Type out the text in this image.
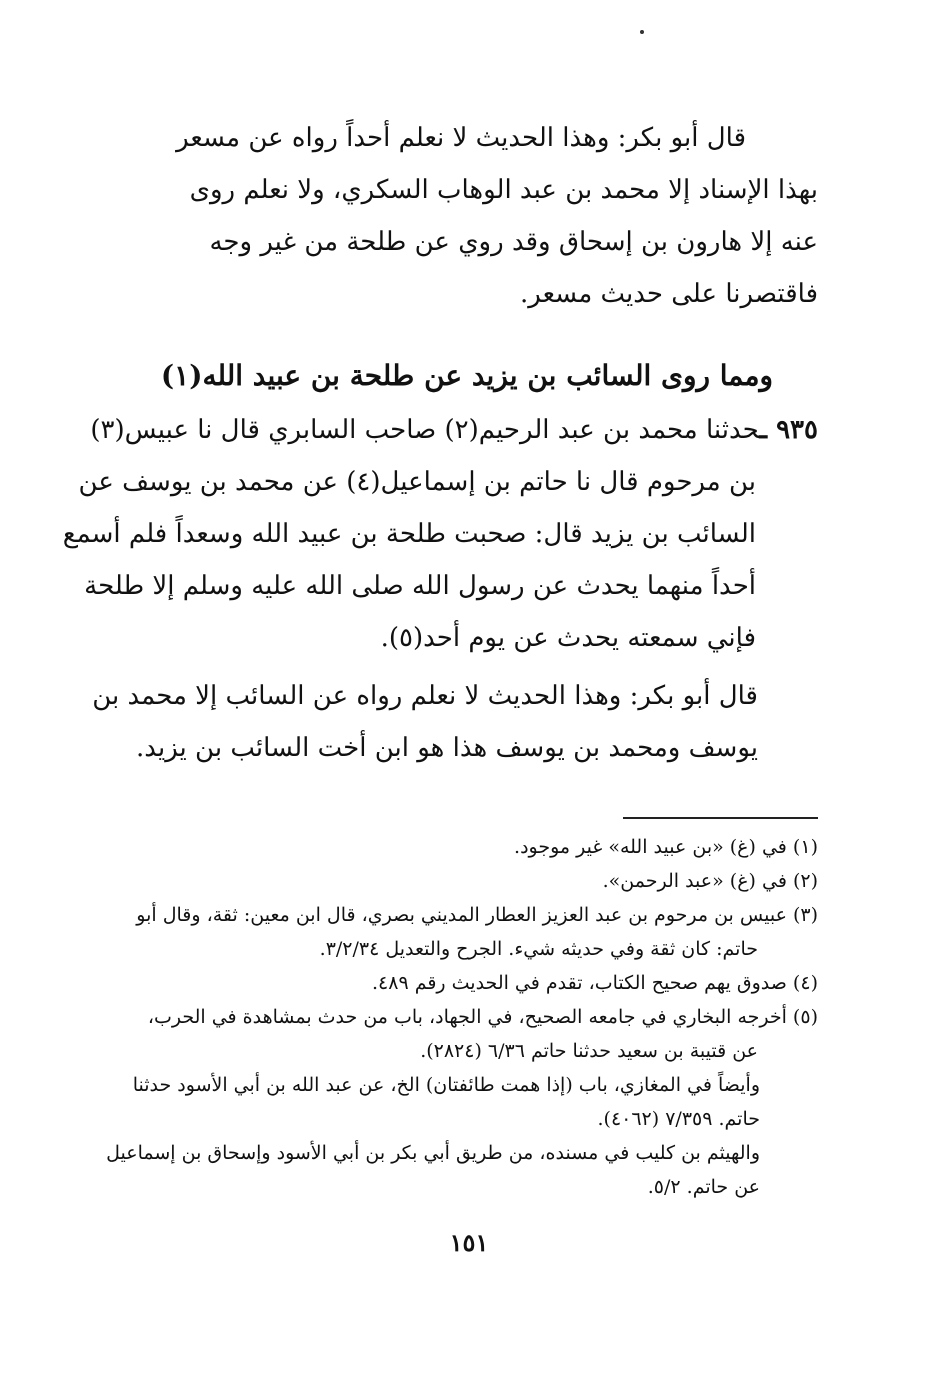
قال أبو بكر: وهذا الحديث لا نعلم أحداً رواه عن مسعر
بهذا الإسناد إلا محمد بن عبد الوهاب السكري، ولا نعلم روى
عنه إلا هارون بن إسحاق وقد روي عن طلحة من غير وجه
فاقتصرنا على حديث مسعر.
ومما روى السائب بن يزيد عن طلحة بن عبيد الله(١)
٩٣٥ ـحدثنا محمد بن عبد الرحيم(٢) صاحب السابري قال نا عبيس(٣)
بن مرحوم قال نا حاتم بن إسماعيل(٤) عن محمد بن يوسف عن
السائب بن يزيد قال: صحبت طلحة بن عبيد الله وسعداً فلم أسمع
أحداً منهما يحدث عن رسول الله صلى الله عليه وسلم إلا طلحة
فإني سمعته يحدث عن يوم أحد(٥).
قال أبو بكر: وهذا الحديث لا نعلم رواه عن السائب إلا محمد بن
يوسف ومحمد بن يوسف هذا هو ابن أخت السائب بن يزيد.
(١) في (غ) «بن عبيد الله» غير موجود.
(٢) في (غ) «عبد الرحمن».
(٣) عبيس بن مرحوم بن عبد العزيز العطار المديني بصري، قال ابن معين: ثقة، وقال أبو
حاتم: كان ثقة وفي حديثه شيء. الجرح والتعديل ٣/٢/٣٤.
(٤) صدوق يهم صحيح الكتاب، تقدم في الحديث رقم ٤٨٩.
(٥) أخرجه البخاري في جامعه الصحيح، في الجهاد، باب من حدث بمشاهدة في الحرب،
عن قتيبة بن سعيد حدثنا حاتم ٦/٣٦ (٢٨٢٤).
وأيضاً في المغازي، باب (إذا همت طائفتان) الخ، عن عبد الله بن أبي الأسود حدثنا
حاتم. ٧/٣٥٩ (٤٠٦٢).
والهيثم بن كليب في مسنده، من طريق أبي بكر بن أبي الأسود وإسحاق بن إسماعيل
عن حاتم. ٥/٢.
١٥١
